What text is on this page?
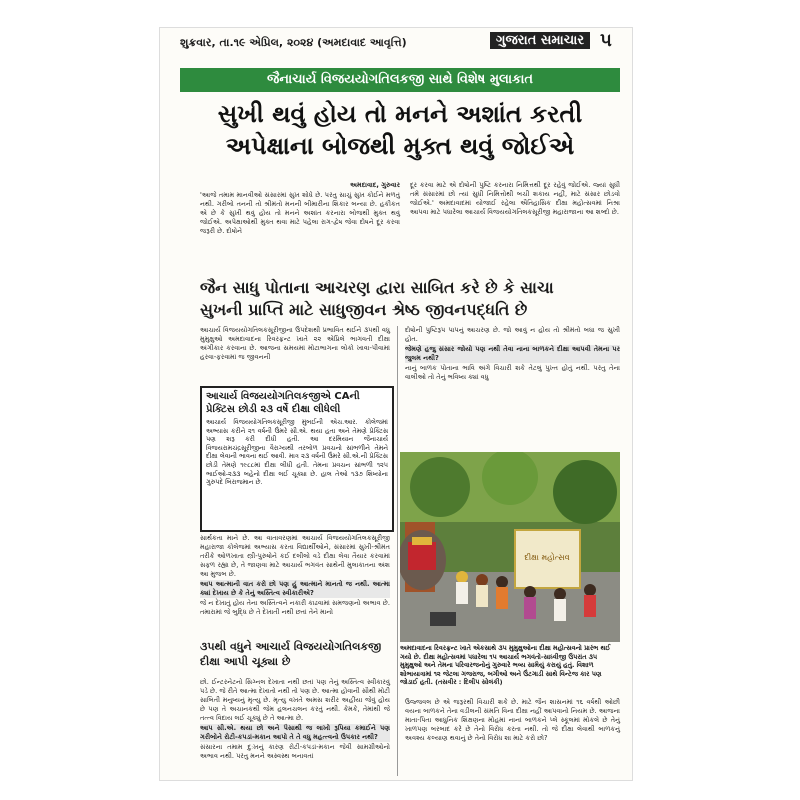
શુક્રવાર, તા.૧૯ એપ્રિલ, ૨૦૨૪ (અમદાવાદ આવૃત્તિ)	ગુજરાત સમાચાર ૫
જૈનાચાર્ય વિજયયોગતિલકજી સાથે વિશેષ મુલાકાત
સુખી થવું હોય તો મનને અશાંત કરતી
અપેક્ષાના બોજથી મુક્ત થવું જોઈએ

અમદાવાદ, ગુરુવાર

'આજે તમામ માનવીઓ સંસારમાં સુખ શોધે છે. પરંતુ સાચું સુખ કોઈને મળતું નથી. ગરીબો તનની તો શ્રીમંતો મનની બીમારીના શિકાર બન્યા છે. હકીકત એ છે કે સુખી થવું હોય તો મનને અશાંત કરનારા બોજથી મુક્ત થવું જોઈએ. અપેક્ષાઓથી મુક્ત થવા માટે પહેલા રાગ-દ્વેષ જેવા દોષને દૂર કરવા જરૂરી છે. દોષોને

દૂર કરવા માટે એ દોષોની પુષ્ટિ કરનારા નિમિત્તથી દૂર રહેવું જોઈએ. જ્યાં સુધી તમે સંસારમાં છો ત્યાં સુધી નિમિત્તોથી બચી શકાય નહીં, માટે સંસાર છોડવો જોઈએ.' અમદાવાદમાં યોજાઈ રહેલા ઐતિહાસિક દીક્ષા મહોત્સવમાં નિશ્રા આપવા માટે પધારેલા આચાર્ય વિજયયોગતિલકસૂરીજી મહારાજાના આ શબ્દો છે.

જૈન સાધુ પોતાના આચરણ દ્વારા સાબિત કરે છે કે સાચા
સુખની પ્રાપ્તિ માટે સાધુજીવન શ્રેષ્ઠ જીવનપદ્ધતિ છે

આચાર્ય વિજયયોગતિલકસૂરીજીના ઉપદેશથી પ્રભાવિત થઈને ૩૫થી વધુ મુમુક્ષુઓ અમદાવાદના રિવરફ્રન્ટ ખાતે ૨૨ એપ્રિલે ભાગવતી દીક્ષા અંગીકાર કરવાના છે. આજના સમયમાં મોટાભાગના લોકો ખાવા-પીવામાં હરવા-ફરવામાં જ જીવનની

આચાર્ય વિજયયોગતિલકજીએ CAની પ્રેક્ટિસ છોડી ૨૩ વર્ષે દીક્ષા લીધેલી
આચાર્ય વિજયયોગતિલકસૂરીજી મુંબઈની એચ.આર. કોલેજમાં અભ્યાસ કરીને ૨૧ વર્ષની ઉંમરે સી.એ. થયા હતા અને તેમણે પ્રેક્ટિસ પણ શરૂ કરી દીધી હતી. આ દરમિયાન જૈનાચાર્ય વિજયરામચંદ્રસૂરીજીના વૈરાગ્યથી તરબોળ પ્રવચનો સાંભળીને તેમને દીક્ષા લેવાની ભાવના થઈ આવી. માત્ર ૨૩ વર્ષની ઉંમરે સી.એ.ની પ્રેક્ટિસ છોડી તેમણે ૧૯૮૮માં દીક્ષા લીધી હતી. તેમના પ્રવચન સાંભળી ૧૨૫ ભાઈઓ-૨૩૩ બહેનો દીક્ષા લઈ ચૂક્યા છે. હાલ તેઓ ૧૩૭ શિષ્યોના ગુરુપદે બિરાજમાન છે.

સાર્થકતા માને છે. આ વાતાવરણમાં આચાર્ય વિજયયોગતિલકસૂરીજી મહારાજા કોલેજમાં અભ્યાસ કરતા વિદ્યાર્થીઓને, સંસારમાં સુખી-શ્રીમંત તરીકે ઓળખાતા સ્ત્રી-પુરુષોને કઈ દલીલો વડે દીક્ષા લેવા તૈયાર કરવામાં સફળ રહ્યા છે, તે જાણવા માટે આચાર્ય ભગવંત સાથેની મુલાકાતના અંશ આ મુજબ છે.

આપ આત્માની વાત કરો છો પણ હું આત્માને માનતો જ નથી. આત્મા ક્યાં દેખાય છે કે તેનું અસ્તિત્વ સ્વીકારીએ?

જે ન દેખાતું હોય તેના અસ્તિત્વને નકારી કાઢવામાં સમજણનો અભાવ છે. તમારામાં જે બુદ્ધિ છે તે દેખાતી નથી છતાં તેને માનો

૩૫થી વધુને આચાર્ય વિજયયોગતિલકજી દીક્ષા આપી ચૂક્યા છે

છો. ઈન્ટરનેટનો સિગ્નલ દેખાતા નથી છતાં પણ તેનું અસ્તિત્વ સ્વીકારવું પડે છે. જે રીતે આત્મા દેખાતો નથી તો પણ છે. આત્મા હોવાની સૌથી મોટી સાબિતી મનુષ્યનું મૃત્યુ છે. મૃત્યુ વખતે અમસ શરીર અહીંયા જેવું હોય છે પણ તે અચાનકથી જેમ હલનચલન કરતું નથી. કેમકે, તેમાંથી જે તત્ત્વ વિદાય લઈ ચૂક્યું છે તે આત્મા છે.

આપ સી.એ. થયા છો અને પૈસાથી જ લાખો રૂપિયા કમાઈને પણ ગરીબોને રોટી-કપડાં-મકાન આપો તે તે વધુ મહત્ત્વનો ઉપકાર નથી?

સંસારના તમામ દુઃખનું કારણ રોટી-કપડાં-મકાન જેવી સામગ્રીઓનો અભાવ નથી. પરંતુ મનને અસ્વસ્થ બનાવતાં

દોષોની પુષ્ટિરૂપ પાપનું આચરણ છે. જો આવું ન હોય તો શ્રીમંતો બધા જ સુખી હોત.

જેમણે હજુ સંસાર જોયો પણ નથી તેવા નાના બાળકને દીક્ષા આપવી તેમના પર જુલમ નથી?

નાનું બાળક પોતાના ભાવિ અંગે વિચારી શકે તેટલું પુખ્ત હોતું નથી. પરંતુ તેના વાલીઓ તો તેનું ભવિષ્ય ક્યાં વધુ

દીક્ષા મહોત્સવ
અમદાવાદના રિવરફ્રન્ટ ખાતે એકસાથે ૩૫ મુમુક્ષુઓના દીક્ષા મહોત્સવનો પ્રારંભ થઈ ગયો છે. દીક્ષા મહોત્સવમાં પધારેલા ૧૫ આચાર્ય ભગવંતો-સાધ્વીજી ઉપરાંત ૩૫ મુમુક્ષુઓ અને તેમના પરિવારજનોનું ગુરુવારે ભવ્ય સામૈયું કરાયું હતું. વિશાળ શોભાયાત્રામાં ૧૨ જેટલા ગજરાજ, બગીઓ અને ઉંટગાડી સાથે વિન્ટેજ કાર પણ જોડાઈ હતી. (તસવીર : દિલીપ સોલંકી)

ઉજ્જવલ છે એ જરૂરથી વિચારી શકે છે. માટે જૈન શાસનમાં ૧૬ વર્ષથી ઓછી વયના બાળકને તેના વડીલની સંમતિ વિના દીક્ષા નહીં આપવાનો નિયમ છે. આજના માતા-પિતા આધુનિક શિક્ષણના મોહમાં નાનાં બાળકને પ્લે સ્કૂલમાં મોકલે છે તેનું ખાળપણ બરબાદ કરે છે તેનો વિરોધ કરતા નથી. તો જે દીક્ષા લેવાથી બાળકનું અવશ્ય કલ્યાણ થવાનું છે તેનો વિરોધ શા માટે કરો છો?
